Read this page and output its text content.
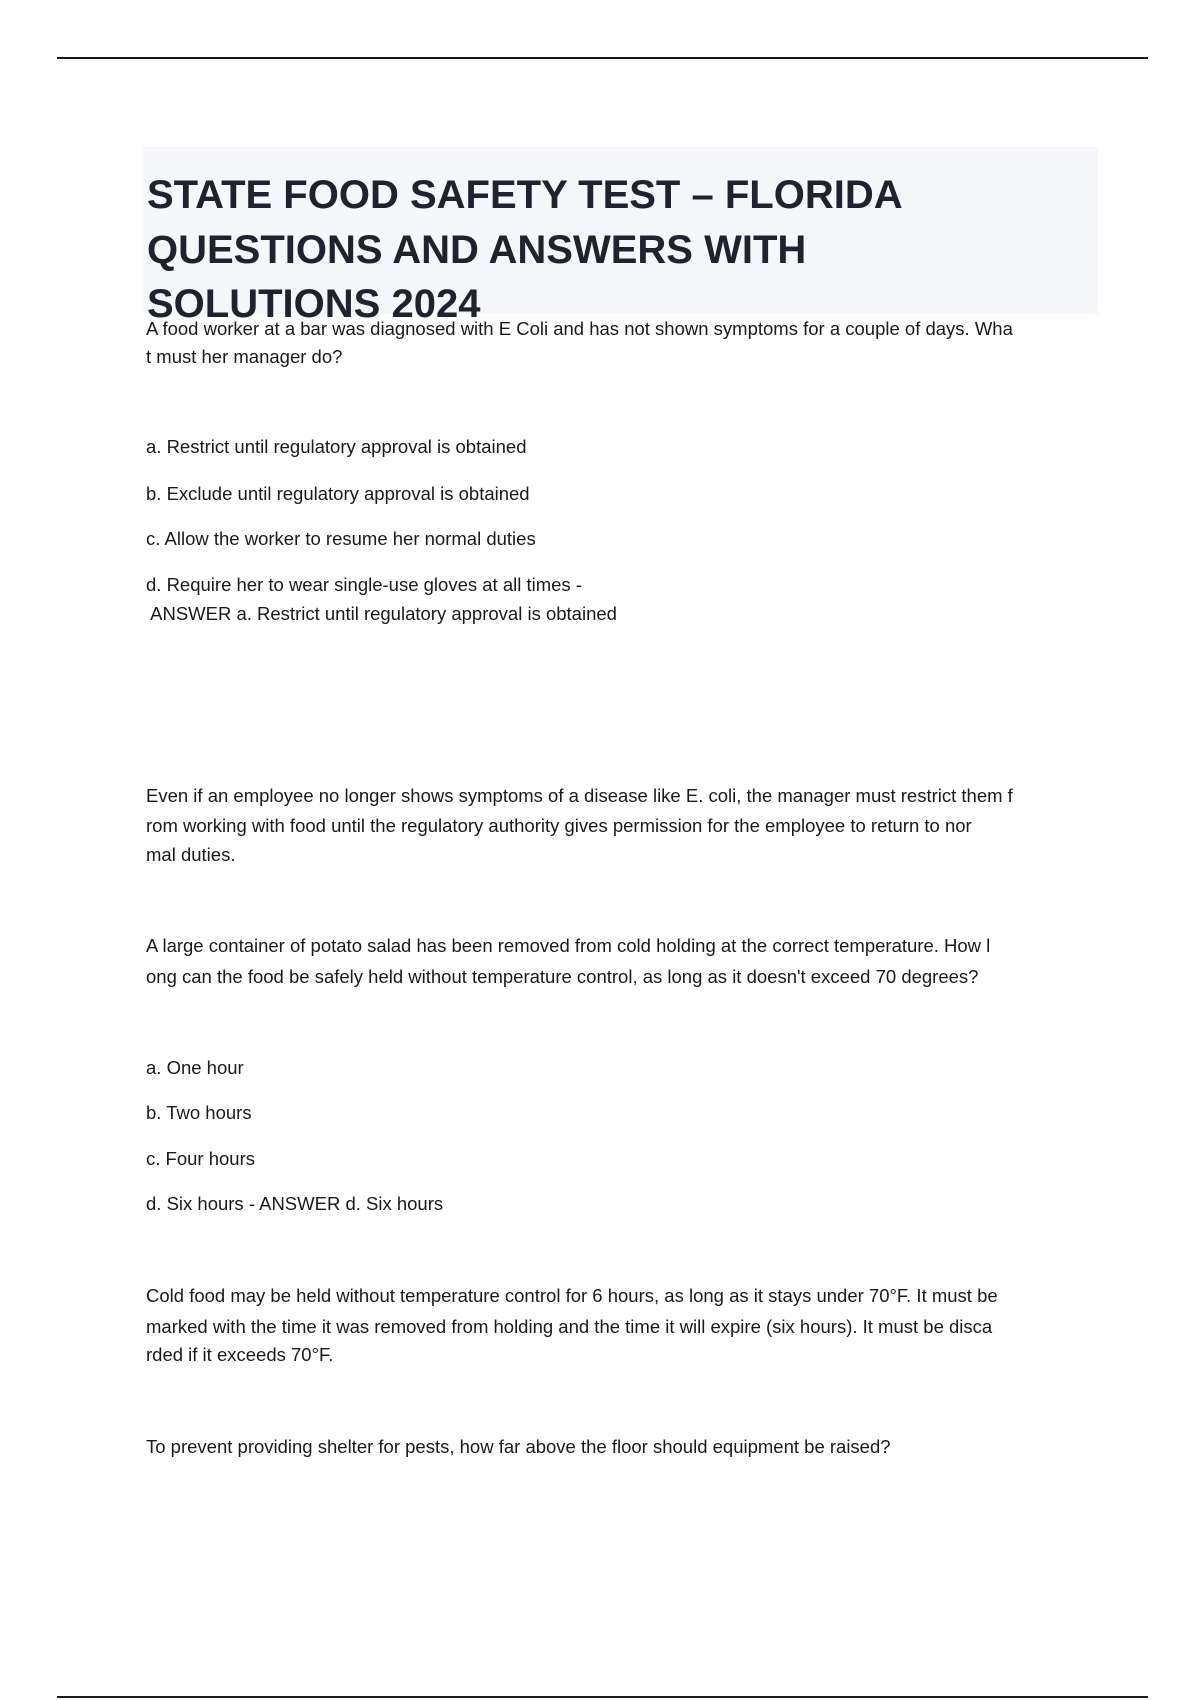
STATE FOOD SAFETY TEST – FLORIDA
QUESTIONS AND ANSWERS WITH
SOLUTIONS 2024
A food worker at a bar was diagnosed with E Coli and has not shown symptoms for a couple of days. Wha
t must her manager do?
a. Restrict until regulatory approval is obtained
b. Exclude until regulatory approval is obtained
c. Allow the worker to resume her normal duties
d. Require her to wear single-use gloves at all times -
ANSWER a. Restrict until regulatory approval is obtained
Even if an employee no longer shows symptoms of a disease like E. coli, the manager must restrict them f
rom working with food until the regulatory authority gives permission for the employee to return to nor
mal duties.
A large container of potato salad has been removed from cold holding at the correct temperature. How l
ong can the food be safely held without temperature control, as long as it doesn't exceed 70 degrees?
a. One hour
b. Two hours
c. Four hours
d. Six hours - ANSWER d. Six hours
Cold food may be held without temperature control for 6 hours, as long as it stays under 70°F. It must be
marked with the time it was removed from holding and the time it will expire (six hours). It must be disca
rded if it exceeds 70°F.
To prevent providing shelter for pests, how far above the floor should equipment be raised?
